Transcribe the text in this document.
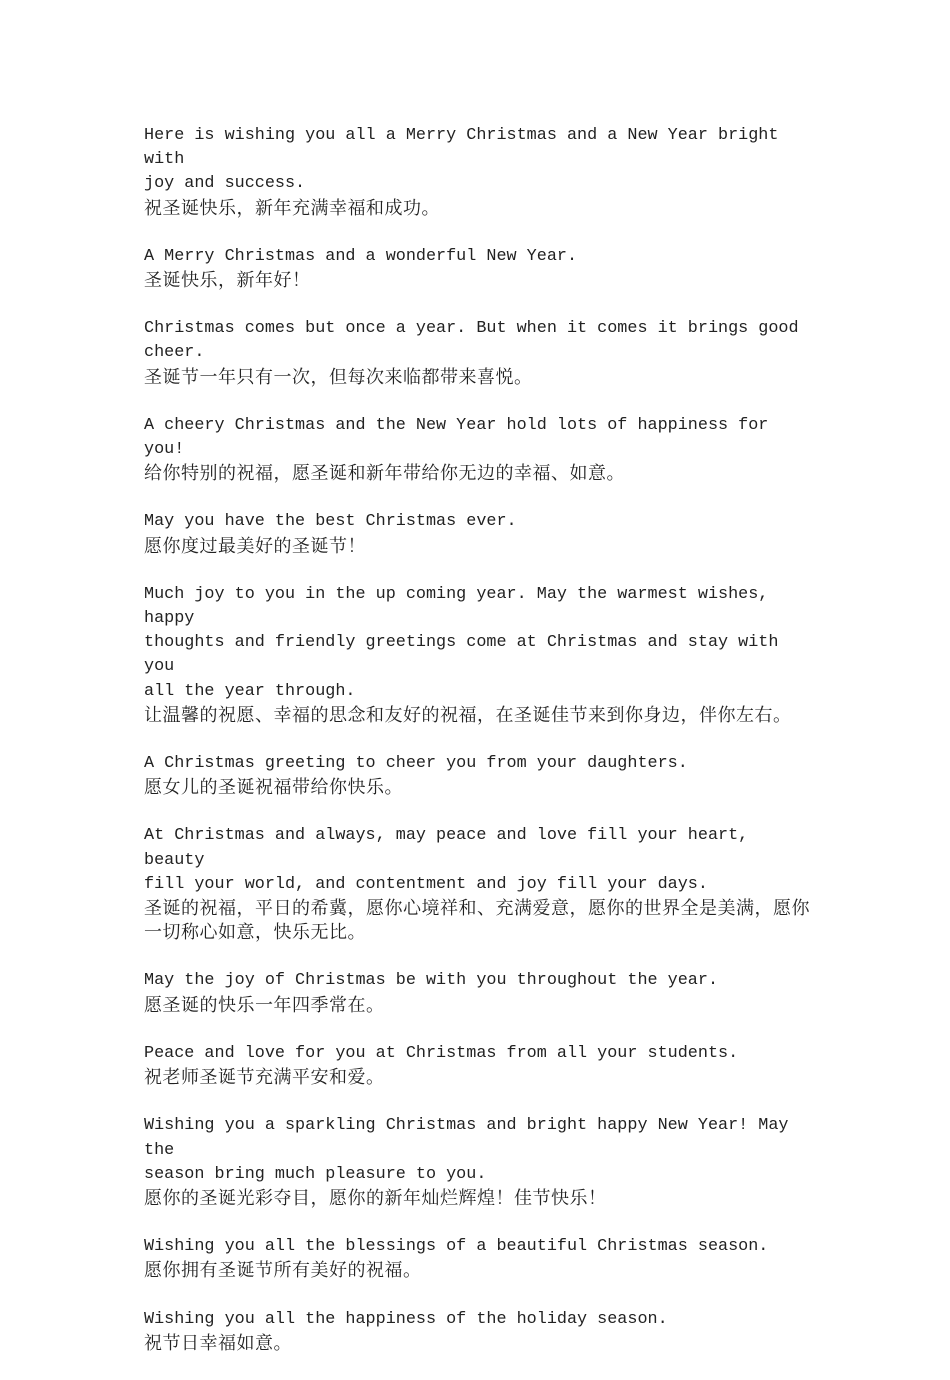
Here is wishing you all a Merry Christmas and a New Year bright with
joy and success.

祝圣诞快乐，新年充满幸福和成功。

A Merry Christmas and a wonderful New Year.

圣诞快乐，新年好！

Christmas comes but once a year. But when it comes it brings good
cheer.

圣诞节一年只有一次，但每次来临都带来喜悦。

A cheery Christmas and the New Year hold lots of happiness for you!

给你特别的祝福，愿圣诞和新年带给你无边的幸福、如意。

May you have the best Christmas ever.

愿你度过最美好的圣诞节！

Much joy to you in the up coming year. May the warmest wishes, happy
thoughts and friendly greetings come at Christmas and stay with you
all the year through.

让温馨的祝愿、幸福的思念和友好的祝福，在圣诞佳节来到你身边，伴你左右。

A Christmas greeting to cheer you from your daughters.

愿女儿的圣诞祝福带给你快乐。

At Christmas and always, may peace and love fill your heart, beauty
fill your world, and contentment and joy fill your days.

圣诞的祝福，平日的希冀，愿你心境祥和、充满爱意，愿你的世界全是美满，愿你一切称心如意，快乐无比。

May the joy of Christmas be with you throughout the year.

愿圣诞的快乐一年四季常在。

Peace and love for you at Christmas from all your students.

祝老师圣诞节充满平安和爱。

Wishing you a sparkling Christmas and bright happy New Year! May the
season bring much pleasure to you.

愿你的圣诞光彩夺目，愿你的新年灿烂辉煌！佳节快乐！

Wishing you all the blessings of a beautiful Christmas season.

愿你拥有圣诞节所有美好的祝福。

Wishing you all the happiness of the holiday season.

祝节日幸福如意。
